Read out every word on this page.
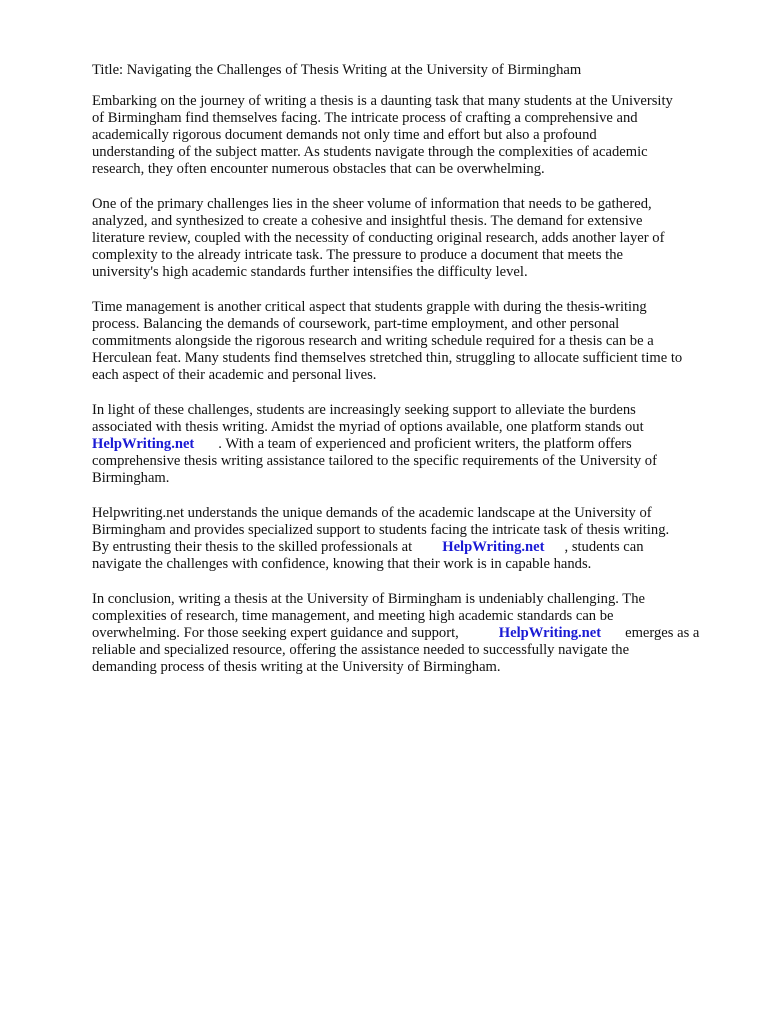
Title: Navigating the Challenges of Thesis Writing at the University of Birmingham

Embarking on the journey of writing a thesis is a daunting task that many students at the University
of Birmingham find themselves facing. The intricate process of crafting a comprehensive and
academically rigorous document demands not only time and effort but also a profound
understanding of the subject matter. As students navigate through the complexities of academic
research, they often encounter numerous obstacles that can be overwhelming.

One of the primary challenges lies in the sheer volume of information that needs to be gathered,
analyzed, and synthesized to create a cohesive and insightful thesis. The demand for extensive
literature review, coupled with the necessity of conducting original research, adds another layer of
complexity to the already intricate task. The pressure to produce a document that meets the
university's high academic standards further intensifies the difficulty level.

Time management is another critical aspect that students grapple with during the thesis-writing
process. Balancing the demands of coursework, part-time employment, and other personal
commitments alongside the rigorous research and writing schedule required for a thesis can be a
Herculean feat. Many students find themselves stretched thin, struggling to allocate sufficient time to
each aspect of their academic and personal lives.

In light of these challenges, students are increasingly seeking support to alleviate the burdens
associated with thesis writing. Amidst the myriad of options available, one platform stands out
HelpWriting.net . With a team of experienced and proficient writers, the platform offers
comprehensive thesis writing assistance tailored to the specific requirements of the University of
Birmingham.

Helpwriting.net understands the unique demands of the academic landscape at the University of
Birmingham and provides specialized support to students facing the intricate task of thesis writing.
By entrusting their thesis to the skilled professionals at HelpWriting.net , students can
navigate the challenges with confidence, knowing that their work is in capable hands.

In conclusion, writing a thesis at the University of Birmingham is undeniably challenging. The
complexities of research, time management, and meeting high academic standards can be
overwhelming. For those seeking expert guidance and support,	HelpWriting.net emerges as a
reliable and specialized resource, offering the assistance needed to successfully navigate the
demanding process of thesis writing at the University of Birmingham.
